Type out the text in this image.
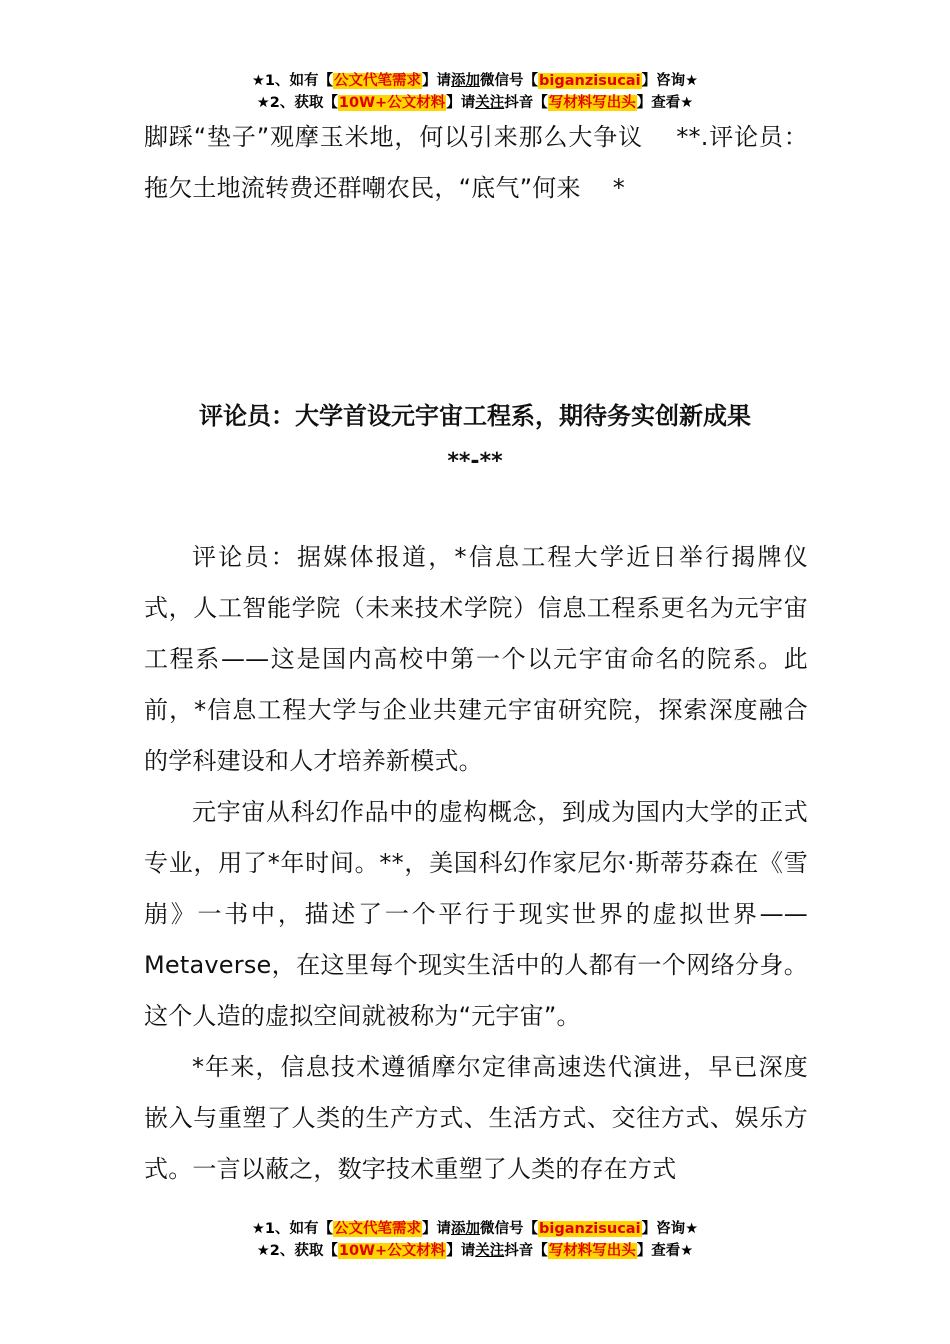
★1、如有【公文代笔需求】请添加微信号【biganzisucai】咨询★
★2、获取【10W+公文材料】请关注抖音【写材料写出头】查看★

脚踩“垫子”观摩玉米地，何以引来那么大争议　 **.评论员：拖欠土地流转费还群嘲农民，“底气”何来　 *

评论员：大学首设元宇宙工程系，期待务实创新成果
**-**

评论员：据媒体报道，*信息工程大学近日举行揭牌仪式，人工智能学院（未来技术学院）信息工程系更名为元宇宙工程系——这是国内高校中第一个以元宇宙命名的院系。此前，*信息工程大学与企业共建元宇宙研究院，探索深度融合的学科建设和人才培养新模式。

元宇宙从科幻作品中的虚构概念，到成为国内大学的正式专业，用了*年时间。**，美国科幻作家尼尔·斯蒂芬森在《雪崩》一书中，描述了一个平行于现实世界的虚拟世界——Metaverse，在这里每个现实生活中的人都有一个网络分身。这个人造的虚拟空间就被称为“元宇宙”。

*年来，信息技术遵循摩尔定律高速迭代演进，早已深度嵌入与重塑了人类的生产方式、生活方式、交往方式、娱乐方式。一言以蔽之，数字技术重塑了人类的存在方式

★1、如有【公文代笔需求】请添加微信号【biganzisucai】咨询★
★2、获取【10W+公文材料】请关注抖音【写材料写出头】查看★
